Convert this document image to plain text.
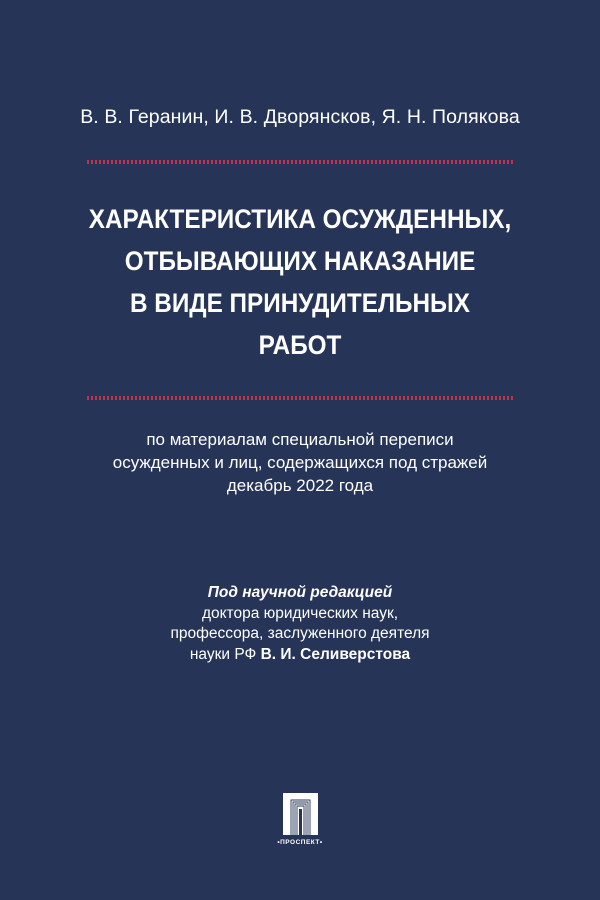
В. В. Геранин, И. В. Дворянсков, Я. Н. Полякова
ХАРАКТЕРИСТИКА ОСУЖДЕННЫХ,
ОТБЫВАЮЩИХ НАКАЗАНИЕ
В ВИДЕ ПРИНУДИТЕЛЬНЫХ
РАБОТ
по материалам специальной переписи
осужденных и лиц, содержащихся под стражей
декабрь 2022 года
Под научной редакцией
доктора юридических наук,
профессора, заслуженного деятеля
науки РФ В. И. Селиверстова
•ПРОСПЕКТ•
